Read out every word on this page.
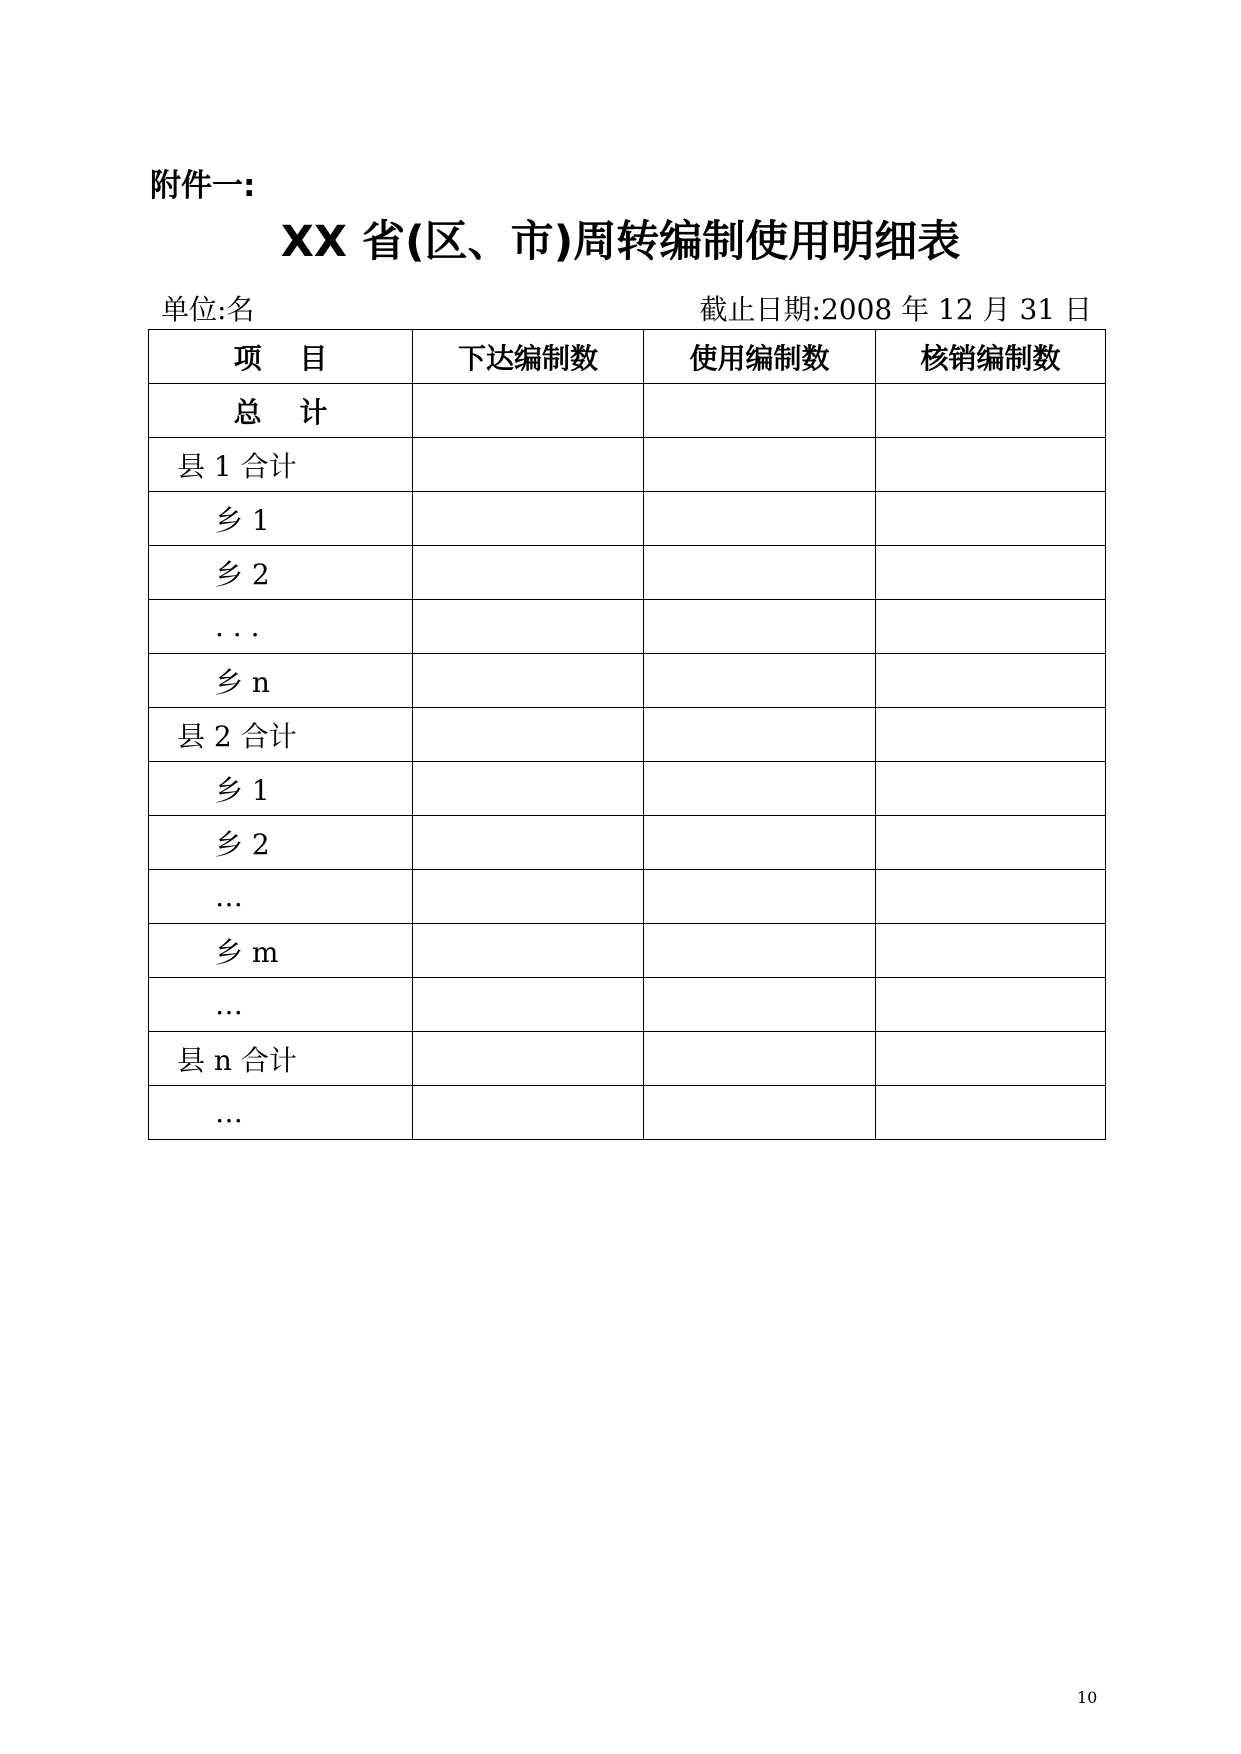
附件一:
XX 省(区、市)周转编制使用明细表
单位:名	截止日期:2008 年 12 月 31 日
项　 目	下达编制数	使用编制数	核销编制数
总　 计			
县 1 合计			
乡 1			
乡 2			
. . .			
乡 n			
县 2 合计			
乡 1			
乡 2			
…			
乡 m			
…			
县 n 合计			
…			
10
